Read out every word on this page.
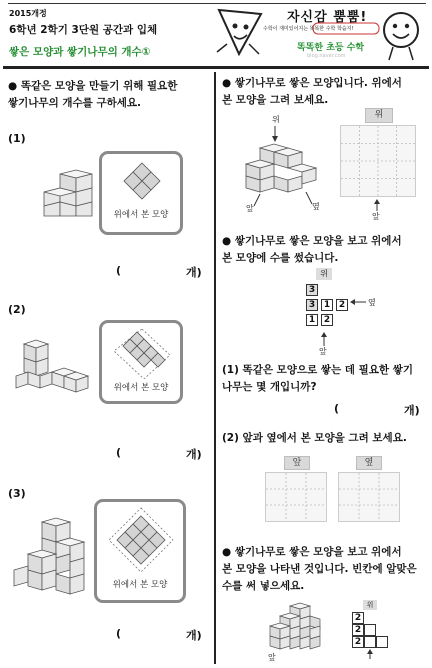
2015개정
6학년 2학기 3단원 공간과 입체
쌓은 모양과 쌓기나무의 개수①
자신감 뿜뿜!
수학이 재미있어지는 똑똑한 수학 학습지!
똑똑한 초등 수학
blog.naver.com
● 똑같은 모양을 만들기 위해 필요한
쌓기나무의 개수를 구하세요.
(1)
위에서 본 모양
(	개)
(2)
위에서 본 모양
(	개)
(3)
위에서 본 모양
(	개)
● 쌓기나무로 쌓은 모양입니다. 위에서
본 모양을 그려 보세요.
위
앞	옆
위
앞
● 쌓기나무로 쌓은 모양을 보고 위에서
본 모양에 수를 썼습니다.
위
3
3 1 2
1 2
옆
앞
(1) 똑같은 모양으로 쌓는 데 필요한 쌓기
나무는 몇 개입니까?
(	개)
(2) 앞과 옆에서 본 모양을 그려 보세요.
앞	옆
● 쌓기나무로 쌓은 모양을 보고 위에서
본 모양을 나타낸 것입니다. 빈칸에 알맞은
수를 써 넣으세요.
앞
위
2
2
2
